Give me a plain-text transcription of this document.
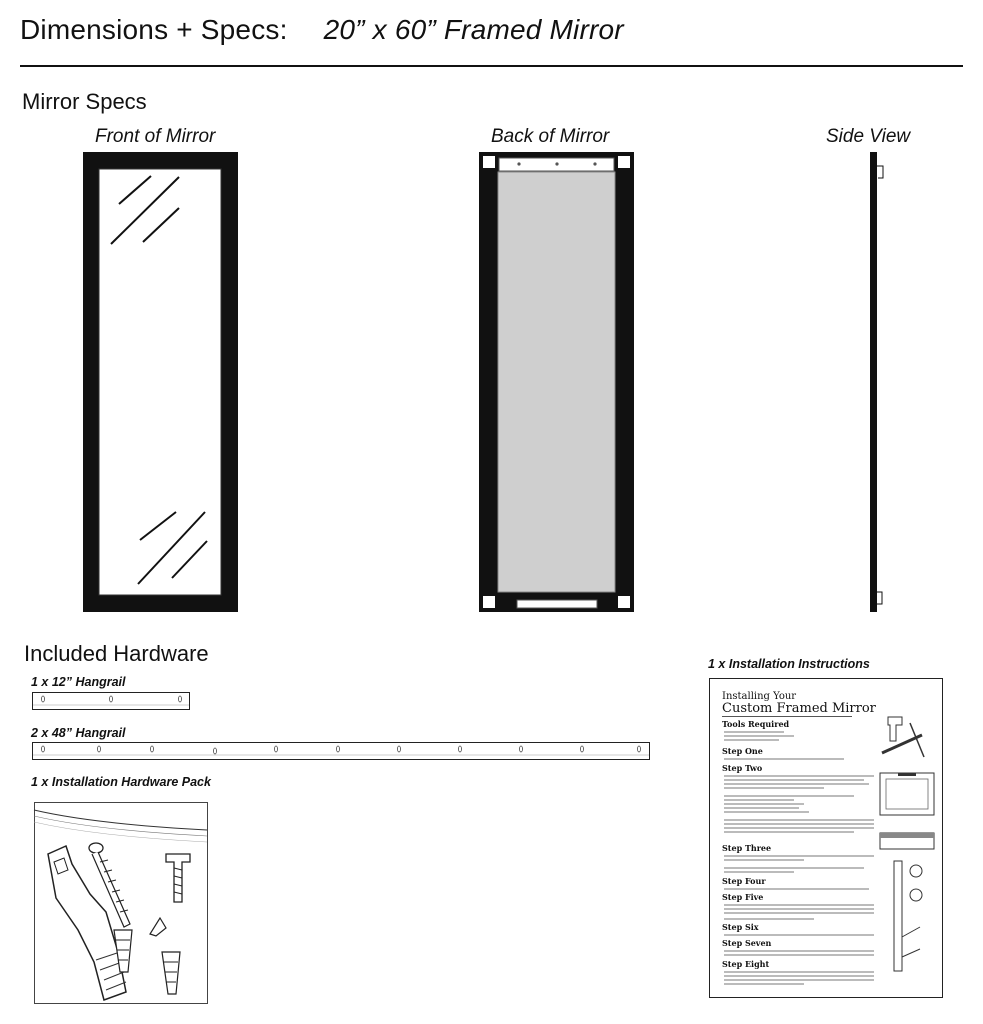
Dimensions + Specs: 20” x 60” Framed Mirror
Mirror Specs
Front of Mirror	Back of Mirror	Side View
Included Hardware
1 x 12” Hangrail
2 x 48” Hangrail
1 x Installation Hardware Pack
1 x Installation Instructions
Installing Your
Custom Framed Mirror
Tools Required
Step One
Step Two
Step Three
Step Four
Step Five
Step Six
Step Seven
Step Eight
